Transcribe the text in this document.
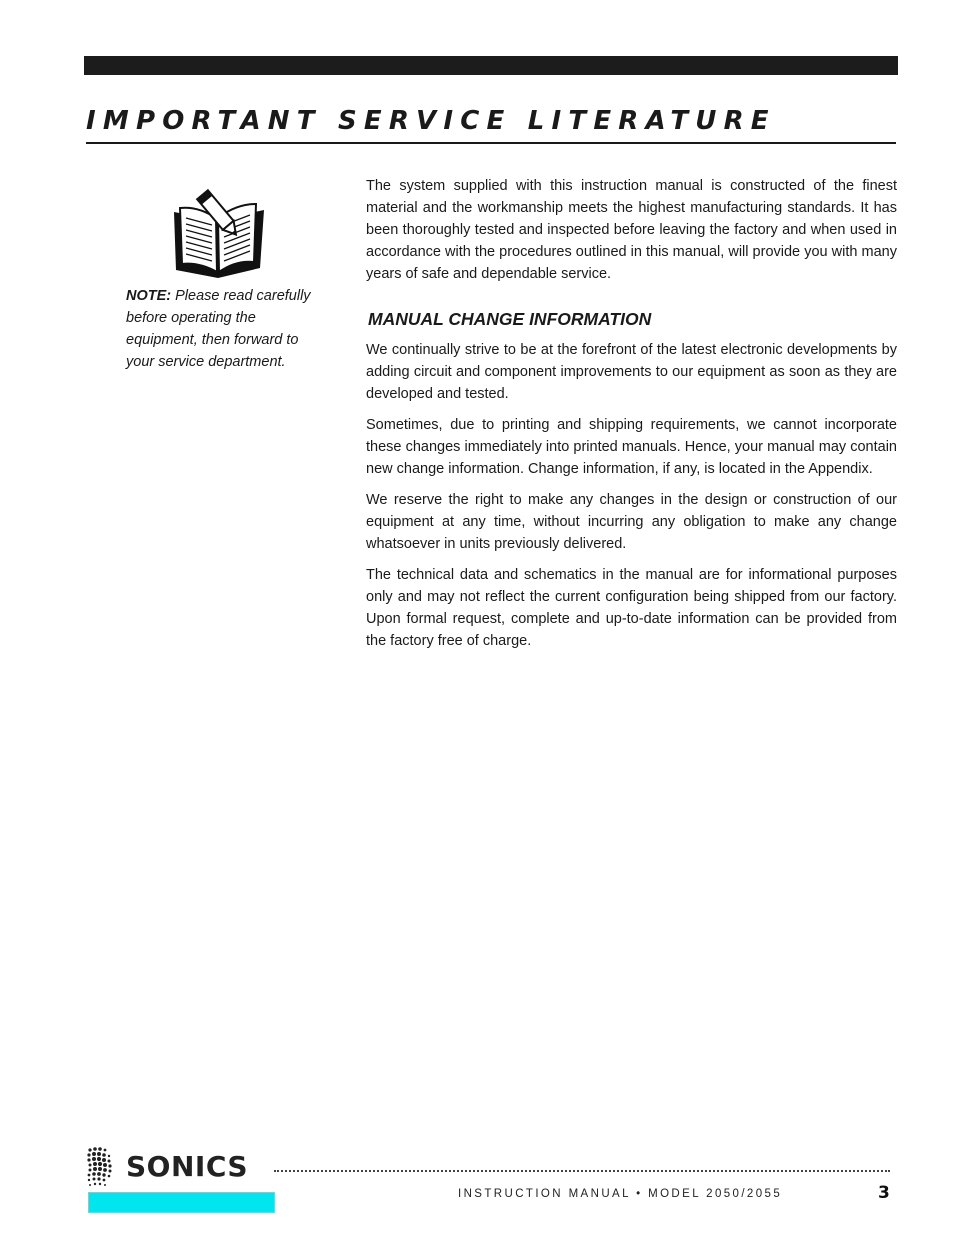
IMPORTANT SERVICE LITERATURE
NOTE: Please read carefully before operating the equipment, then forward to your service department.

The system supplied with this instruction manual is constructed of the finest material and the workmanship meets the highest manufacturing standards. It has been thoroughly tested and inspected before leaving the factory and when used in accordance with the procedures outlined in this manual, will provide you with many years of safe and dependable service.

MANUAL CHANGE INFORMATION

We continually strive to be at the forefront of the latest electronic developments by adding circuit and component improvements to our equipment as soon as they are developed and tested.

Sometimes, due to printing and shipping requirements, we cannot incorporate these changes immediately into printed manuals. Hence, your manual may contain new change information. Change information, if any, is located in the Appendix.

We reserve the right to make any changes in the design or construction of our equipment at any time, without incurring any obligation to make any change whatsoever in units previously delivered.

The technical data and schematics in the manual are for informational purposes only and may not reflect the current configuration being shipped from our factory. Upon formal request, complete and up-to-date information can be provided from the factory free of charge.

SONICS
INSTRUCTION MANUAL • MODEL 2050/2055	3
